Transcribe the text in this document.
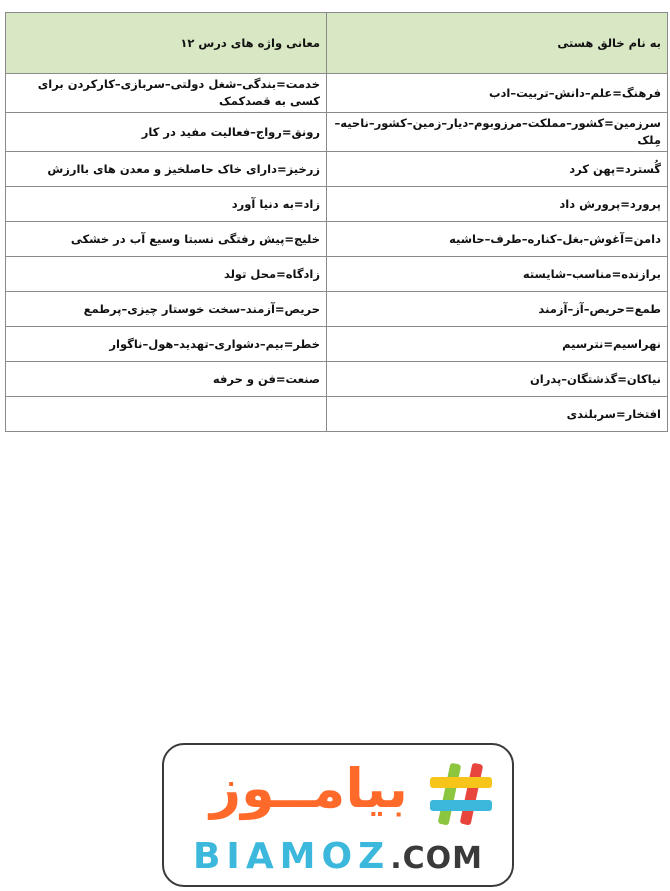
به نام خالق هستی	معانی واژه های درس ۱۲
فرهنگ=علم–دانش–تربیت–ادب	خدمت=بندگی–شغل دولتی–سربازی–کارکردن برای کسی به قصدکمک
سرزمین=کشور–مملکت–مرزوبوم–دیار–زمین–کشور–ناحیه–مِلک	رونق=رواج–فعالیت مفید در کار
گُسترد=پهن کرد	زرخیز=دارای خاک حاصلخیز و معدن های باارزش
پرورد=پرورش داد	زاد=به دنیا آورد
دامن=آغوش–بغل–کناره–طرف–حاشیه	خلیج=پیش رفتگی نسبتا وسیع آب در خشکی
برازنده=مناسب–شایسته	زادگاه=محل تولد
طمع=حریص–آز–آزمند	حریص=آزمند–سخت خوستار چیزی–پرطمع
نهراسیم=نترسیم	خطر=بیم–دشواری–تهدید–هول–ناگوار
نیاکان=گذشتگان–پدران	صنعت=فن و حرفه
افتخار=سربلندی	
بیامــوز
BIAMOZ.COM
